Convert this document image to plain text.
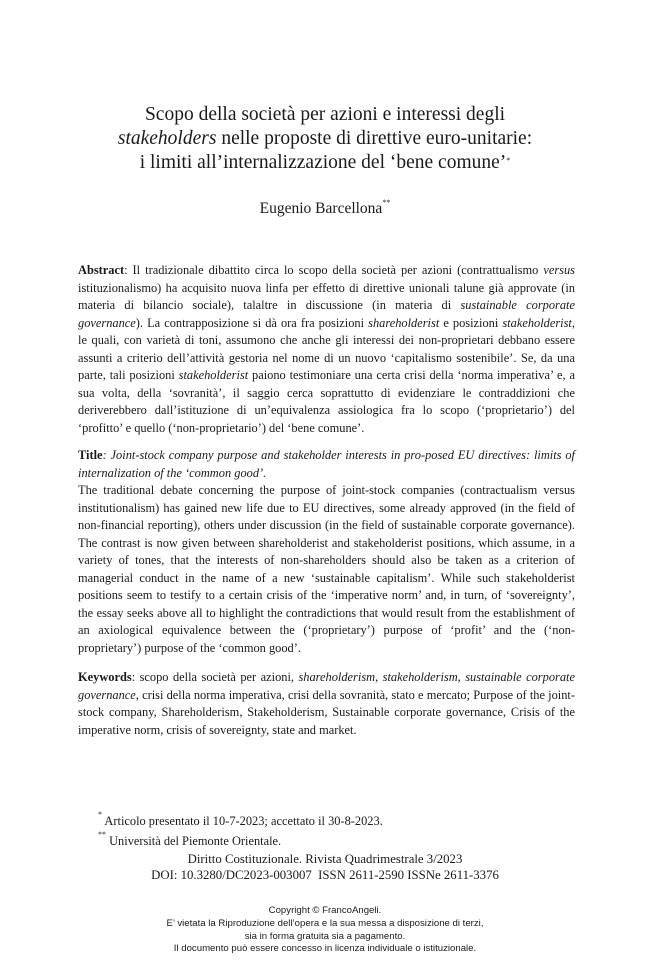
Scopo della società per azioni e interessi degli
stakeholders nelle proposte di direttive euro-unitarie:
i limiti all’internalizzazione del ‘bene comune’*
Eugenio Barcellona**

Abstract: Il tradizionale dibattito circa lo scopo della società per azioni (contrattualismo versus istituzionalismo) ha acquisito nuova linfa per effetto di direttive unionali talune già approvate (in materia di bilancio sociale), talaltre in discussione (in materia di sustainable corporate governance). La contrapposizione si dà ora fra posizioni shareholderist e posizioni stakeholderist, le quali, con varietà di toni, assumono che anche gli interessi dei non-proprietari debbano essere assunti a criterio dell’attività gestoria nel nome di un nuovo ‘capitalismo sostenibile’. Se, da una parte, tali posizioni stakeholderist paiono testimoniare una certa crisi della ‘norma imperativa’ e, a sua volta, della ‘sovranità’, il saggio cerca soprattutto di evidenziare le contraddizioni che deriverebbero dall’istituzione di un’equivalenza assiologica fra lo scopo (‘proprietario’) del ‘profitto’ e quello (‘non-proprietario’) del ‘bene comune’.

Title: Joint-stock company purpose and stakeholder interests in pro-posed EU directives: limits of internalization of the ‘common good’.
The traditional debate concerning the purpose of joint-stock companies (contractualism versus institutionalism) has gained new life due to EU directives, some already approved (in the field of non-financial reporting), others under discussion (in the field of sustainable corporate governance). The contrast is now given between shareholderist and stakeholderist positions, which assume, in a variety of tones, that the interests of non-shareholders should also be taken as a criterion of managerial conduct in the name of a new ‘sustainable capitalism’. While such stakeholderist positions seem to testify to a certain crisis of the ‘imperative norm’ and, in turn, of ‘sovereignty’, the essay seeks above all to highlight the contradictions that would result from the establishment of an axiological equivalence between the (‘proprietary’) purpose of ‘profit’ and the (‘non-proprietary’) purpose of the ‘common good’.

Keywords: scopo della società per azioni, shareholderism, stakeholderism, sustainable corporate governance, crisi della norma imperativa, crisi della sovranità, stato e mercato; Purpose of the joint-stock company, Shareholderism, Stakeholderism, Sustainable corporate governance, Crisis of the imperative norm, crisis of sovereignty, state and market.

* Articolo presentato il 10-7-2023; accettato il 30-8-2023.
** Università del Piemonte Orientale.
Diritto Costituzionale. Rivista Quadrimestrale 3/2023
DOI: 10.3280/DC2023-003007  ISSN 2611-2590 ISSNe 2611-3376
Copyright © FrancoAngeli.
E’ vietata la Riproduzione dell’opera e la sua messa a disposizione di terzi,
sia in forma gratuita sia a pagamento.
Il documento può essere concesso in licenza individuale o istituzionale.
